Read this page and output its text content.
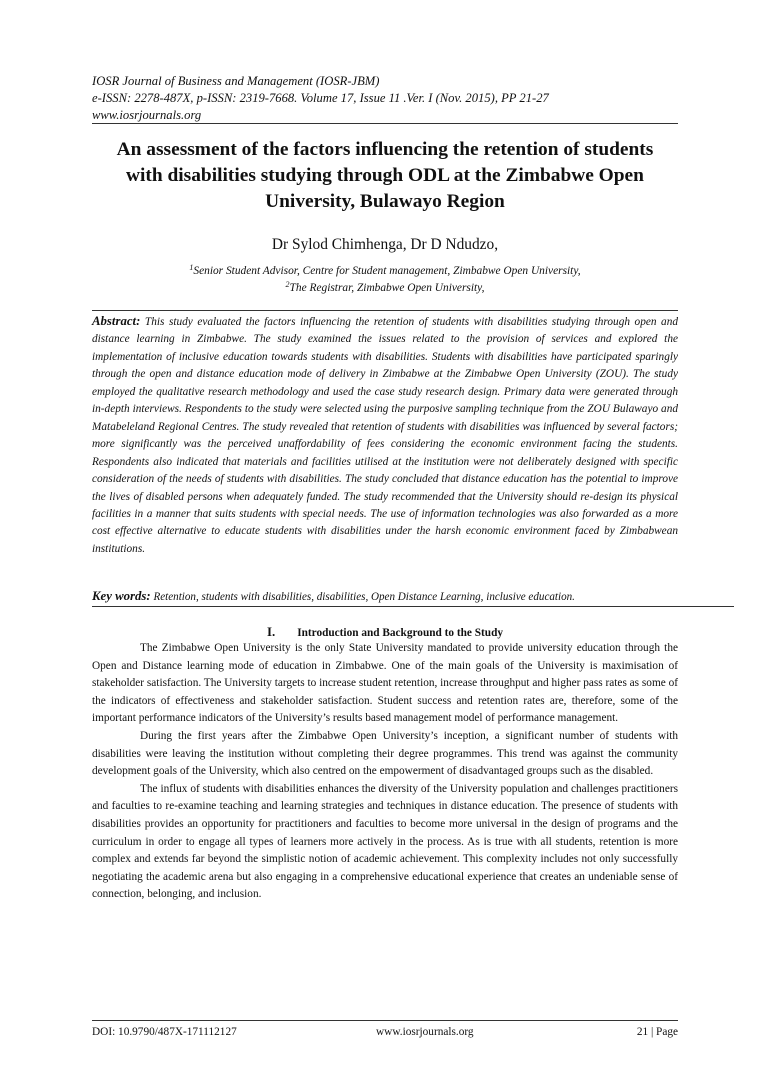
IOSR Journal of Business and Management (IOSR-JBM)
e-ISSN: 2278-487X, p-ISSN: 2319-7668. Volume 17, Issue 11 .Ver. I (Nov. 2015), PP 21-27
www.iosrjournals.org
An assessment of the factors influencing the retention of students
with disabilities studying through ODL at the Zimbabwe Open
University, Bulawayo Region
Dr Sylod Chimhenga, Dr D Ndudzo,
$^1$Senior Student Advisor, Centre for Student management, Zimbabwe Open University,
$^2$The Registrar, Zimbabwe Open University,
Abstract: This study evaluated the factors influencing the retention of students with disabilities studying through open and distance learning in Zimbabwe. The study examined the issues related to the provision of services and explored the implementation of inclusive education towards students with disabilities. Students with disabilities have participated sparingly through the open and distance education mode of delivery in Zimbabwe at the Zimbabwe Open University (ZOU). The study employed the qualitative research methodology and used the case study research design. Primary data were generated through in-depth interviews. Respondents to the study were selected using the purposive sampling technique from the ZOU Bulawayo and Matabeleland Regional Centres. The study revealed that retention of students with disabilities was influenced by several factors; more significantly was the perceived unaffordability of fees considering the economic environment facing the students. Respondents also indicated that materials and facilities utilised at the institution were not deliberately designed with specific consideration of the needs of students with disabilities. The study concluded that distance education has the potential to improve the lives of disabled persons when adequately funded. The study recommended that the University should re-design its physical facilities in a manner that suits students with special needs. The use of information technologies was also forwarded as a more cost effective alternative to educate students with disabilities under the harsh economic environment faced by Zimbabwean institutions.
Key words: Retention, students with disabilities, disabilities, Open Distance Learning, inclusive education.
I. Introduction and Background to the Study

The Zimbabwe Open University is the only State University mandated to provide university education through the Open and Distance learning mode of education in Zimbabwe. One of the main goals of the University is maximisation of stakeholder satisfaction. The University targets to increase student retention, increase throughput and higher pass rates as some of the indicators of effectiveness and stakeholder satisfaction. Student success and retention rates are, therefore, some of the important performance indicators of the University’s results based management model of performance management.

During the first years after the Zimbabwe Open University’s inception, a significant number of students with disabilities were leaving the institution without completing their degree programmes. This trend was against the community development goals of the University, which also centred on the empowerment of disadvantaged groups such as the disabled.

The influx of students with disabilities enhances the diversity of the University population and challenges practitioners and faculties to re-examine teaching and learning strategies and techniques in distance education. The presence of students with disabilities provides an opportunity for practitioners and faculties to become more universal in the design of programs and the curriculum in order to engage all types of learners more actively in the process. As is true with all students, retention is more complex and extends far beyond the simplistic notion of academic achievement. This complexity includes not only successfully negotiating the academic arena but also engaging in a comprehensive educational experience that creates an undeniable sense of connection, belonging, and inclusion.

DOI: 10.9790/487X-171112127	www.iosrjournals.org	21 | Page
